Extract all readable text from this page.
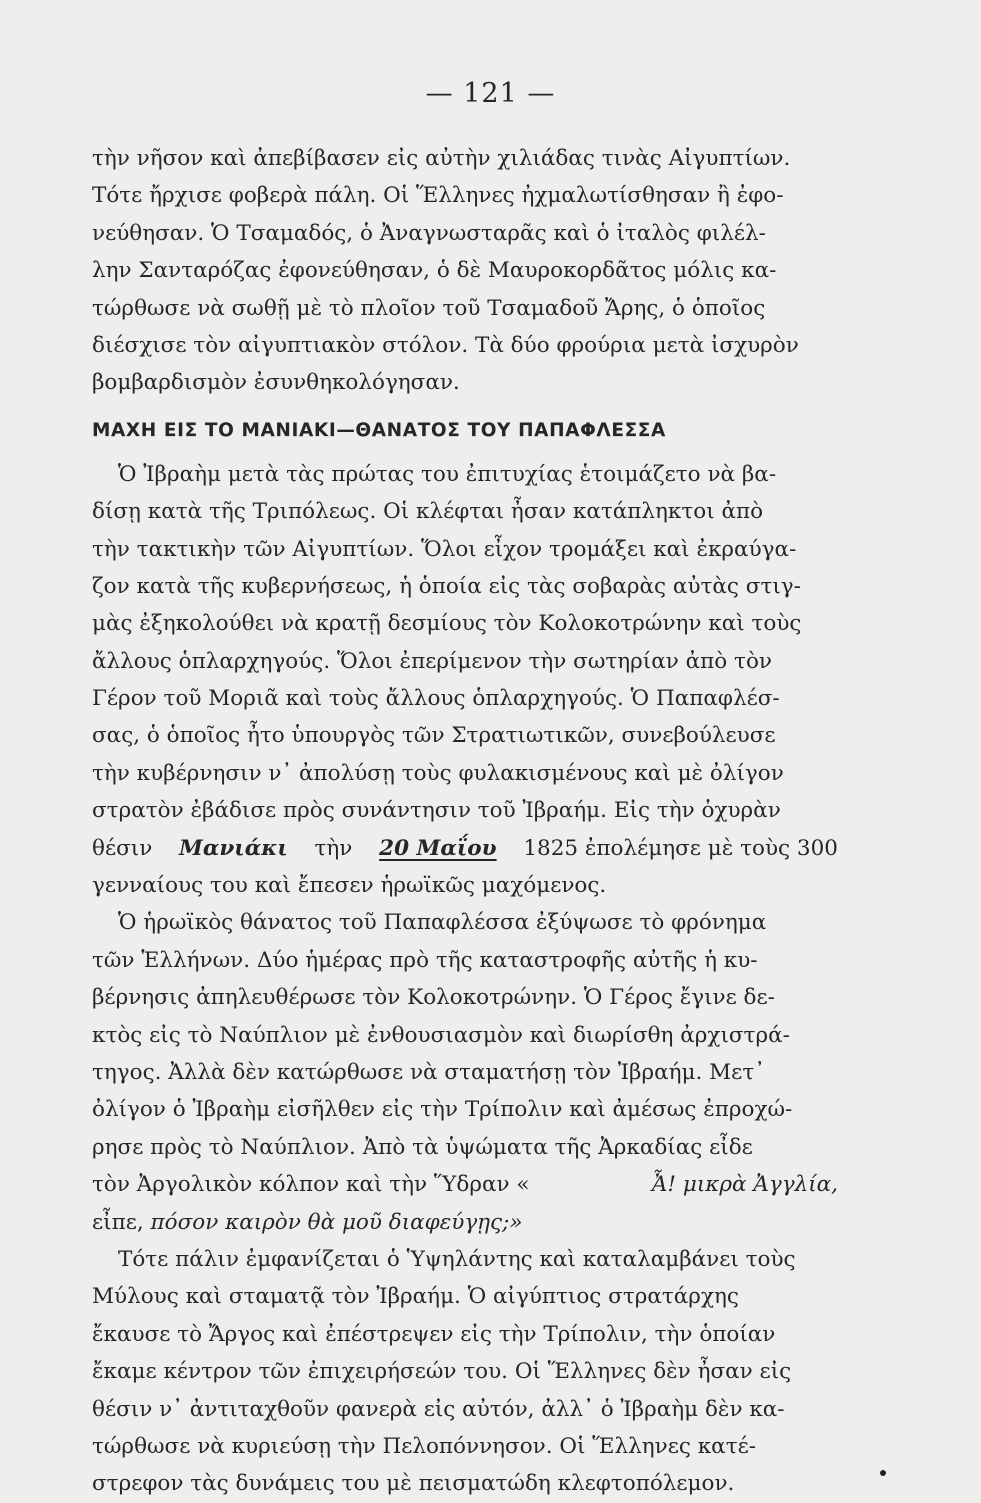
— 121 —
τὴν νῆσον καὶ ἀπεβίβασεν εἰς αὐτὴν χιλιάδας τινὰς Αἰγυπτίων.
Τότε ἤρχισε φοβερὰ πάλη. Οἱ Ἕλληνες ἠχμαλωτίσθησαν ἢ ἐφο-
νεύθησαν. Ὁ Τσαμαδός, ὁ Ἀναγνωσταρᾶς καὶ ὁ ἰταλὸς φιλέλ-
λην Σανταρόζας ἐφονεύθησαν, ὁ δὲ Μαυροκορδᾶτος μόλις κα-
τώρθωσε νὰ σωθῇ μὲ τὸ πλοῖον τοῦ Τσαμαδοῦ Ἄρης, ὁ ὁποῖος
διέσχισε τὸν αἰγυπτιακὸν στόλον. Τὰ δύο φρούρια μετὰ ἰσχυρὸν
βομβαρδισμὸν ἐσυνθηκολόγησαν.
ΜΑΧΗ ΕΙΣ ΤΟ ΜΑΝΙΑΚΙ—ΘΑΝΑΤΟΣ ΤΟΥ ΠΑΠΑΦΛΕΣΣΑ
Ὁ Ἰβραὴμ μετὰ τὰς πρώτας του ἐπιτυχίας ἑτοιμάζετο νὰ βα-
δίσῃ κατὰ τῆς Τριπόλεως. Οἱ κλέφται ἦσαν κατάπληκτοι ἀπὸ
τὴν τακτικὴν τῶν Αἰγυπτίων. Ὅλοι εἶχον τρομάξει καὶ ἐκραύγα-
ζον κατὰ τῆς κυβερνήσεως, ἡ ὁποία εἰς τὰς σοβαρὰς αὐτὰς στιγ-
μὰς ἐξηκολούθει νὰ κρατῇ δεσμίους τὸν Κολοκοτρώνην καὶ τοὺς
ἄλλους ὁπλαρχηγούς. Ὅλοι ἐπερίμενον τὴν σωτηρίαν ἀπὸ τὸν
Γέρον τοῦ Μοριᾶ καὶ τοὺς ἄλλους ὁπλαρχηγούς. Ὁ Παπαφλέσ-
σας, ὁ ὁποῖος ἦτο ὑπουργὸς τῶν Στρατιωτικῶν, συνεβούλευσε
τὴν κυβέρνησιν ν᾿ ἀπολύσῃ τοὺς φυλακισμένους καὶ μὲ ὀλίγον
στρατὸν ἐβάδισε πρὸς συνάντησιν τοῦ Ἰβραήμ. Εἰς τὴν ὀχυρὰν
θέσιν Μανιάκι τὴν 20 Μαΐου 1825 ἐπολέμησε μὲ τοὺς 300
γενναίους του καὶ ἔπεσεν ἡρωϊκῶς μαχόμενος.
Ὁ ἡρωϊκὸς θάνατος τοῦ Παπαφλέσσα ἐξύψωσε τὸ φρόνημα
τῶν Ἑλλήνων. Δύο ἡμέρας πρὸ τῆς καταστροφῆς αὐτῆς ἡ κυ-
βέρνησις ἀπηλευθέρωσε τὸν Κολοκοτρώνην. Ὁ Γέρος ἔγινε δε-
κτὸς εἰς τὸ Ναύπλιον μὲ ἐνθουσιασμὸν καὶ διωρίσθη ἀρχιστρά-
τηγος. Ἀλλὰ δὲν κατώρθωσε νὰ σταματήσῃ τὸν Ἰβραήμ. Μετ᾿
ὀλίγον ὁ Ἰβραὴμ εἰσῆλθεν εἰς τὴν Τρίπολιν καὶ ἀμέσως ἐπροχώ-
ρησε πρὸς τὸ Ναύπλιον. Ἀπὸ τὰ ὑψώματα τῆς Ἀρκαδίας εἶδε
τὸν Ἀργολικὸν κόλπον καὶ τὴν Ὕδραν «	Ἆ! μικρὰ Ἀγγλία,
εἶπε,
πόσον καιρὸν θὰ μοῦ διαφεύγῃς;»
Τότε πάλιν ἐμφανίζεται ὁ Ὑψηλάντης καὶ καταλαμβάνει τοὺς
Μύλους καὶ σταματᾷ τὸν Ἰβραήμ. Ὁ αἰγύπτιος στρατάρχης
ἔκαυσε τὸ Ἄργος καὶ ἐπέστρεψεν εἰς τὴν Τρίπολιν, τὴν ὁποίαν
ἔκαμε κέντρον τῶν ἐπιχειρήσεών του. Οἱ Ἕλληνες δὲν ἦσαν εἰς
θέσιν ν᾿ ἀντιταχθοῦν φανερὰ εἰς αὐτόν, ἀλλ᾿ ὁ Ἰβραὴμ δὲν κα-
τώρθωσε νὰ κυριεύσῃ τὴν Πελοπόννησον. Οἱ Ἕλληνες κατέ-
στρεφον τὰς δυνάμεις του μὲ πεισματώδη κλεφτοπόλεμον.
